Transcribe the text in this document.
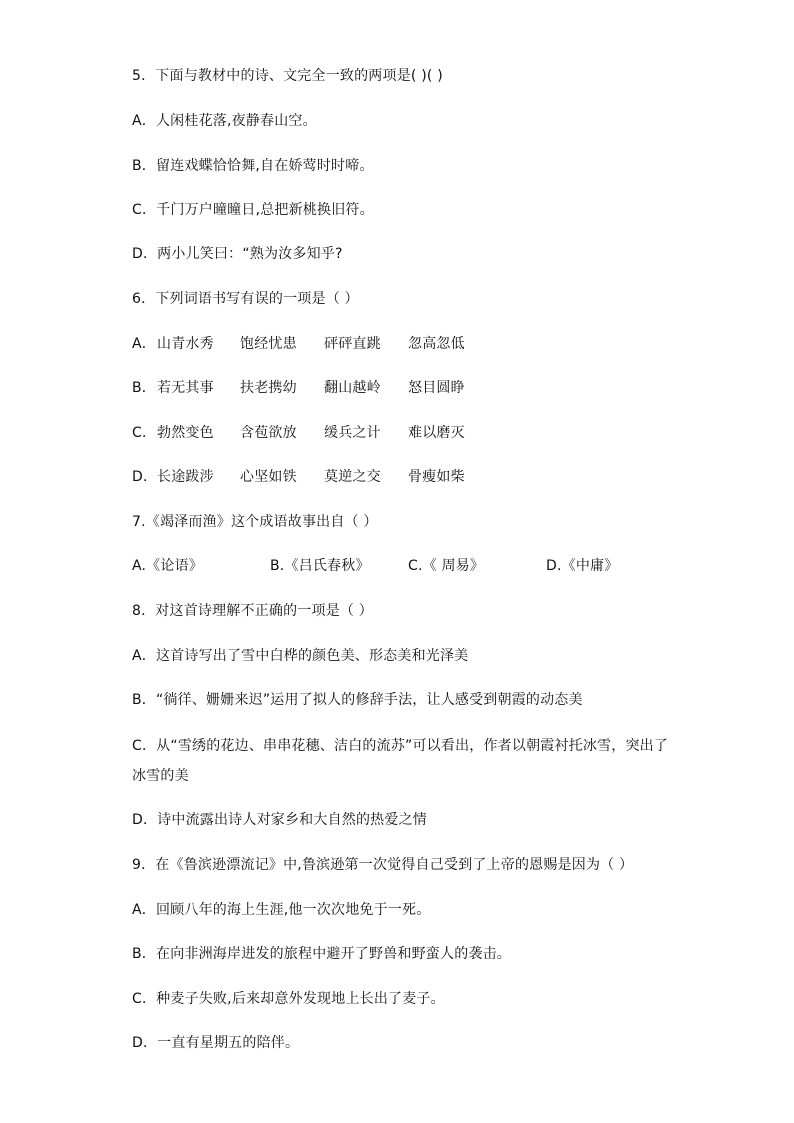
5．下面与教材中的诗、文完全一致的两项是( )( )
A．人闲桂花落,夜静春山空。
B．留连戏蝶恰恰舞,自在娇莺时时啼。
C．千门万户曈曈日,总把新桃换旧符。
D．两小儿笑曰：“熟为汝多知乎?
6．下列词语书写有误的一项是（ ）
A． 山青水秀 饱经忧患 砰砰直跳 忽高忽低
B． 若无其事 扶老携幼 翻山越岭 怒目圆睁
C． 勃然变色 含苞欲放 缓兵之计 难以磨灭
D． 长途跋涉 心坚如铁 莫逆之交 骨瘦如柴
7.《竭泽而渔》这个成语故事出自（ ）
A.《论语》	B.《吕氏春秋》	C.《 周易》	D.《中庸》
8．对这首诗理解不正确的一项是（ ）
A．这首诗写出了雪中白桦的颜色美、形态美和光泽美
B．“徜徉、姗姗来迟”运用了拟人的修辞手法，让人感受到朝霞的动态美
C．从“雪绣的花边、串串花穗、洁白的流苏”可以看出，作者以朝霞衬托冰雪，突出了冰雪的美
D．诗中流露出诗人对家乡和大自然的热爱之情
9．在《鲁滨逊漂流记》中,鲁滨逊第一次觉得自己受到了上帝的恩赐是因为（ ）
A．回顾八年的海上生涯,他一次次地免于一死。
B．在向非洲海岸进发的旅程中避开了野兽和野蛮人的袭击。
C．种麦子失败,后来却意外发现地上长出了麦子。
D．一直有星期五的陪伴。
